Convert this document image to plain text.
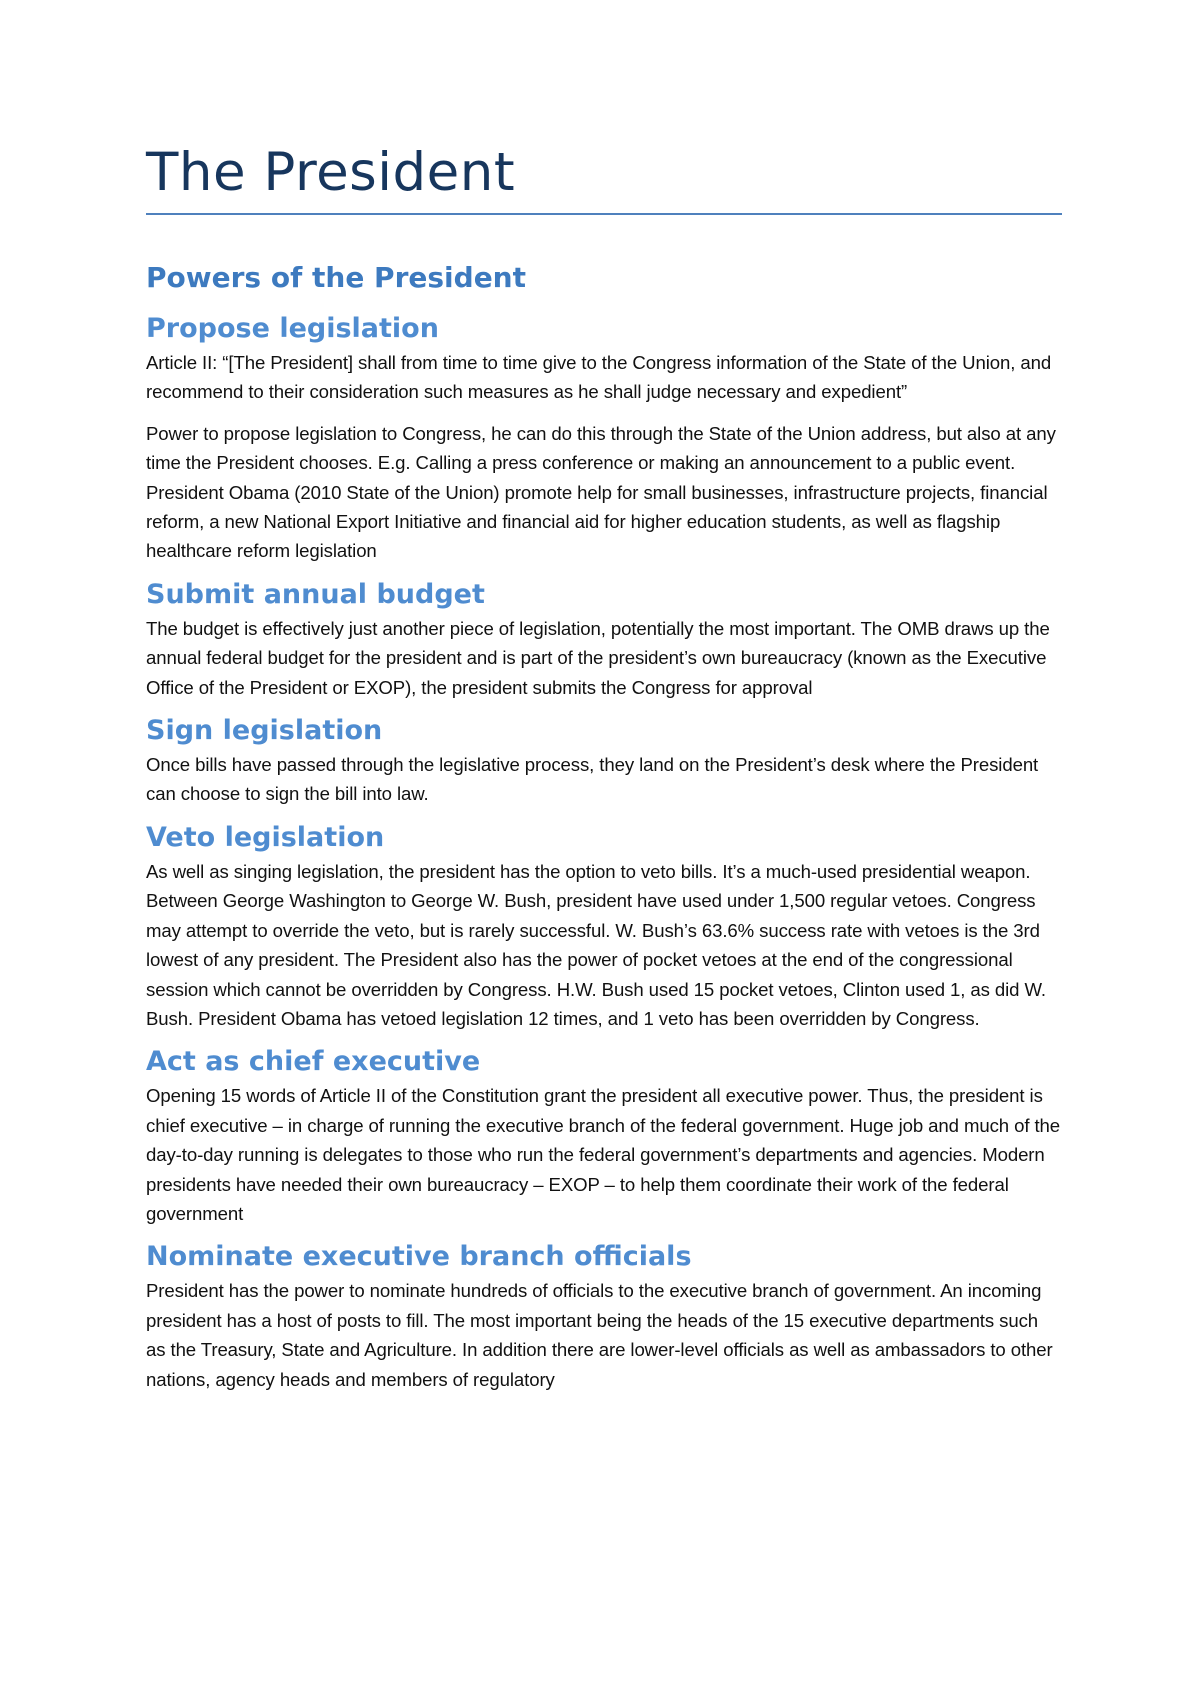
The President
Powers of the President
Propose legislation

Article II: “[The President] shall from time to time give to the Congress information of the State of the Union, and recommend to their consideration such measures as he shall judge necessary and expedient”

Power to propose legislation to Congress, he can do this through the State of the Union address, but also at any time the President chooses. E.g. Calling a press conference or making an announcement to a public event. President Obama (2010 State of the Union) promote help for small businesses, infrastructure projects, financial reform, a new National Export Initiative and financial aid for higher education students, as well as flagship healthcare reform legislation

Submit annual budget

The budget is effectively just another piece of legislation, potentially the most important. The OMB draws up the annual federal budget for the president and is part of the president’s own bureaucracy (known as the Executive Office of the President or EXOP), the president submits the Congress for approval

Sign legislation

Once bills have passed through the legislative process, they land on the President’s desk where the President can choose to sign the bill into law.

Veto legislation

As well as singing legislation, the president has the option to veto bills. It’s a much-used presidential weapon. Between George Washington to George W. Bush, president have used under 1,500 regular vetoes. Congress may attempt to override the veto, but is rarely successful. W. Bush’s 63.6% success rate with vetoes is the 3rd lowest of any president. The President also has the power of pocket vetoes at the end of the congressional session which cannot be overridden by Congress. H.W. Bush used 15 pocket vetoes, Clinton used 1, as did W. Bush. President Obama has vetoed legislation 12 times, and 1 veto has been overridden by Congress.

Act as chief executive

Opening 15 words of Article II of the Constitution grant the president all executive power. Thus, the president is chief executive – in charge of running the executive branch of the federal government. Huge job and much of the day-to-day running is delegates to those who run the federal government’s departments and agencies. Modern presidents have needed their own bureaucracy – EXOP – to help them coordinate their work of the federal government

Nominate executive branch officials

President has the power to nominate hundreds of officials to the executive branch of government. An incoming president has a host of posts to fill. The most important being the heads of the 15 executive departments such as the Treasury, State and Agriculture. In addition there are lower-level officials as well as ambassadors to other nations, agency heads and members of regulatory
